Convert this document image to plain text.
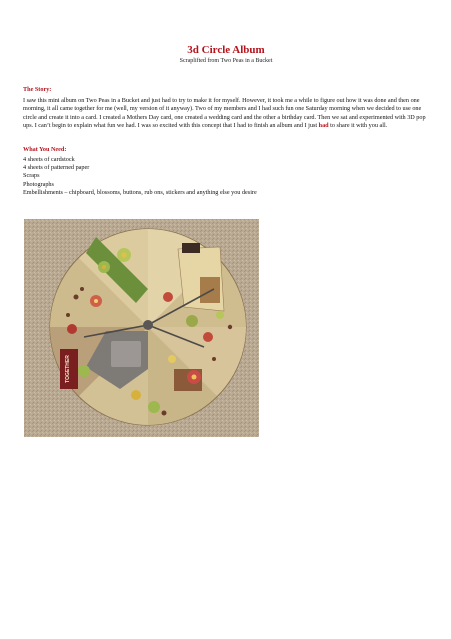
3d Circle Album
Scraplifted from Two Peas in a Bucket
The Story:

I saw this mini album on Two Peas in a Bucket and just had to try to make it for myself. However, it took me a while to figure out how it was done and then one morning, it all came together for me (well, my version of it anyway). Two of my members and I had such fun one Saturday morning when we decided to use one circle and create it into a card. I created a Mothers Day card, one created a wedding card and the other a birthday card. Then we sat and experimented with 3D pop ups. I can’t begin to explain what fun we had. I was so excited with this concept that I had to finish an album and I just had to share it with you all.

What You Need:
4 sheets of cardstock
4 sheets of patterned paper
Scraps
Photographs
Embellishments – chipboard, blossoms, buttons, rub ons, stickers and anything else you desire
TOGETHER
